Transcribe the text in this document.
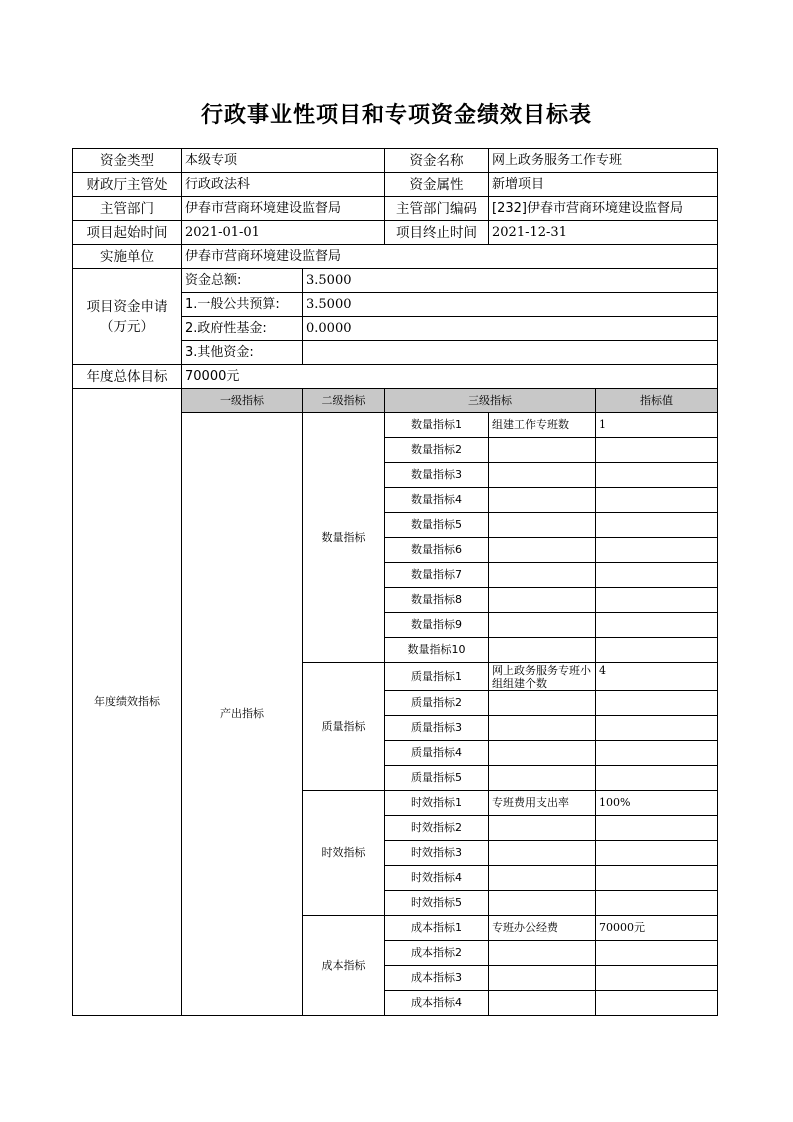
行政事业性项目和专项资金绩效目标表
资金类型	本级专项		资金名称	网上政务服务工作专班	
财政厅主管处	行政政法科		资金属性	新增项目	
主管部门	伊春市营商环境建设监督局		主管部门编码	[232]伊春市营商环境建设监督局	
项目起始时间	2021-01-01		项目终止时间	2021-12-31	
实施单位	伊春市营商环境建设监督局				
项目资金申请（万元）	资金总额:	3.5000			
	1.一般公共预算:	3.5000			
	2.政府性基金:	0.0000			
	3.其他资金:				
年度总体目标	70000元				
年度绩效指标	一级指标	二级指标	三级指标		指标值
	产出指标	数量指标	数量指标1	组建工作专班数	1
			数量指标2		
			数量指标3		
			数量指标4		
			数量指标5		
			数量指标6		
			数量指标7		
			数量指标8		
			数量指标9		
			数量指标10		
		质量指标	质量指标1	网上政务服务专班小组组建个数	4
			质量指标2		
			质量指标3		
			质量指标4		
			质量指标5		
		时效指标	时效指标1	专班费用支出率	100%
			时效指标2		
			时效指标3		
			时效指标4		
			时效指标5		
		成本指标	成本指标1	专班办公经费	70000元
			成本指标2		
			成本指标3		
			成本指标4		
